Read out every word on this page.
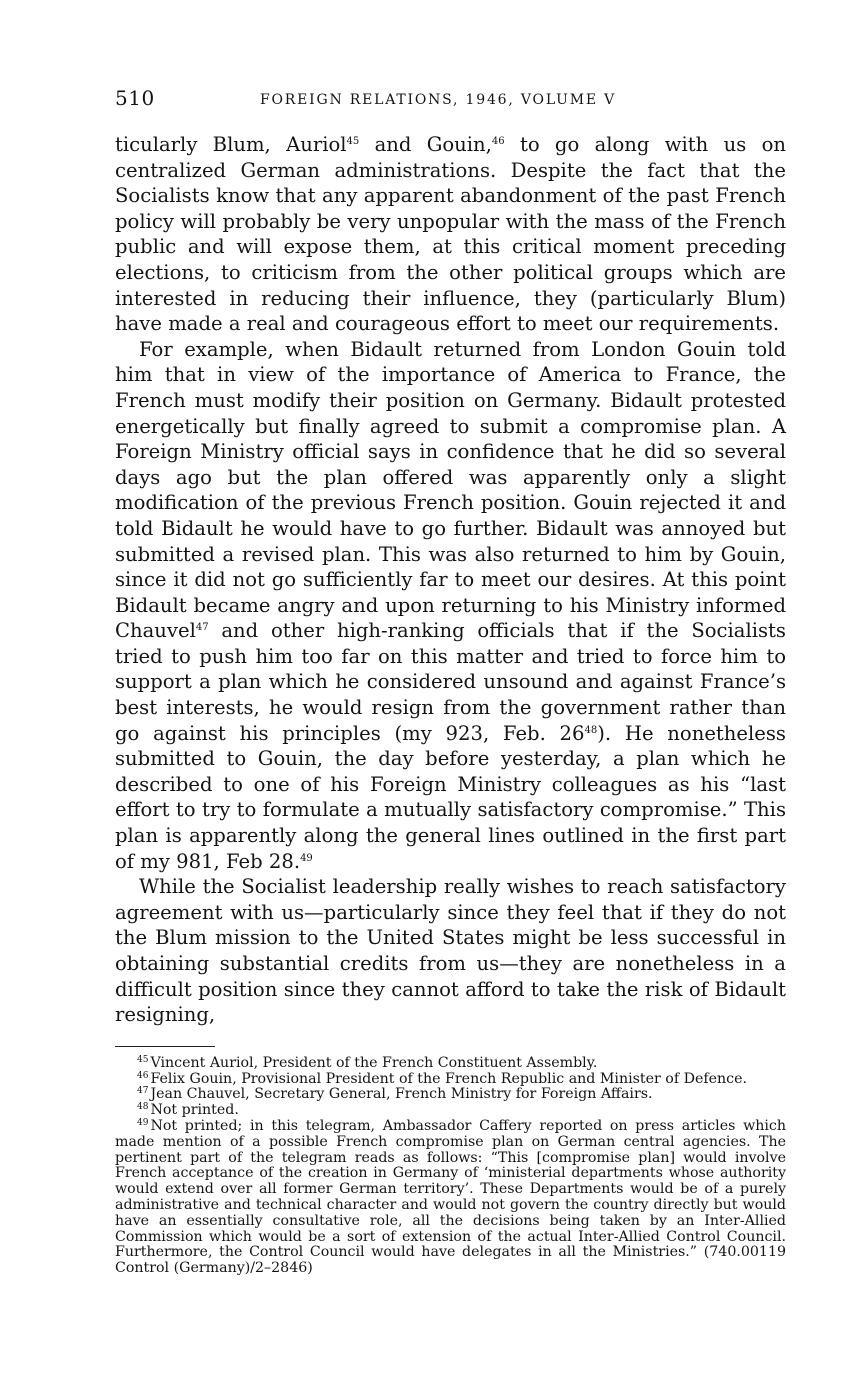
510	FOREIGN RELATIONS, 1946, VOLUME V

ticularly Blum, Auriol$^{45}$ and Gouin,$^{46}$ to go along with us on centralized German administrations. Despite the fact that the Socialists know that any apparent abandonment of the past French policy will probably be very unpopular with the mass of the French public and will expose them, at this critical moment preceding elections, to criticism from the other political groups which are interested in reducing their influence, they (particularly Blum) have made a real and courageous effort to meet our requirements.

For example, when Bidault returned from London Gouin told him that in view of the importance of America to France, the French must modify their position on Germany. Bidault protested energetically but finally agreed to submit a compromise plan. A Foreign Ministry official says in confidence that he did so several days ago but the plan offered was apparently only a slight modification of the previous French position. Gouin rejected it and told Bidault he would have to go further. Bidault was annoyed but submitted a revised plan. This was also returned to him by Gouin, since it did not go sufficiently far to meet our desires. At this point Bidault became angry and upon returning to his Ministry informed Chauvel$^{47}$ and other high-ranking officials that if the Socialists tried to push him too far on this matter and tried to force him to support a plan which he considered unsound and against France’s best interests, he would resign from the government rather than go against his principles (my 923, Feb. $26^{48}$). He nonetheless submitted to Gouin, the day before yesterday, a plan which he described to one of his Foreign Ministry colleagues as his “last effort to try to formulate a mutually satisfactory compromise.” This plan is apparently along the general lines outlined in the first part of my 981, Feb 28.49

While the Socialist leadership really wishes to reach satisfactory agreement with us—particularly since they feel that if they do not the Blum mission to the United States might be less successful in obtaining substantial credits from us—they are nonetheless in a difficult position since they cannot afford to take the risk of Bidault resigning,

$^{45}$ Vincent Auriol, President of the French Constituent Assembly.

$^{46}$ Felix Gouin, Provisional President of the French Republic and Minister of Defence.

$^{47}$ Jean Chauvel, Secretary General, French Ministry for Foreign Affairs.

$^{48}$ Not printed.

$^{49}$ Not printed; in this telegram, Ambassador Caffery reported on press articles which made mention of a possible French compromise plan on German central agencies. The pertinent part of the telegram reads as follows: “This [compromise plan] would involve French acceptance of the creation in Germany of ‘ministerial departments whose authority would extend over all former German territory’. These Departments would be of a purely administrative and technical character and would not govern the country directly but would have an essentially consultative role, all the decisions being taken by an Inter-Allied Commission which would be a sort of extension of the actual Inter-Allied Control Council. Furthermore, the Control Council would have delegates in all the Ministries.” (740.00119 Control (Germany)/2–2846)
